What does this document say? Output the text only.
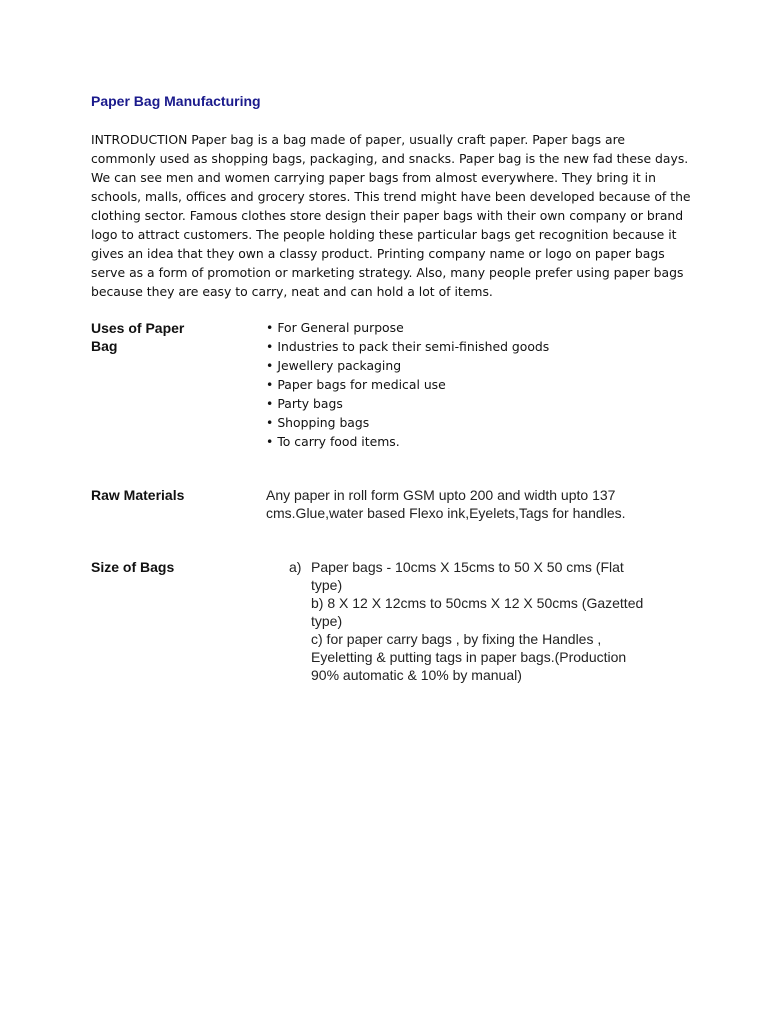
Paper Bag Manufacturing

INTRODUCTION Paper bag is a bag made of paper, usually craft paper. Paper bags are
commonly used as shopping bags, packaging, and snacks. Paper bag is the new fad these days.
We can see men and women carrying paper bags from almost everywhere. They bring it in
schools, malls, offices and grocery stores. This trend might have been developed because of the
clothing sector. Famous clothes store design their paper bags with their own company or brand
logo to attract customers. The people holding these particular bags get recognition because it
gives an idea that they own a classy product. Printing company name or logo on paper bags
serve as a form of promotion or marketing strategy. Also, many people prefer using paper bags
because they are easy to carry, neat and can hold a lot of items.

Uses of Paper
Bag
• For General purpose
• Industries to pack their semi-finished goods
• Jewellery packaging
• Paper bags for medical use
• Party bags
• Shopping bags
• To carry food items.
Raw Materials	Any paper in roll form GSM upto 200 and width upto 137
cms.Glue,water based Flexo ink,Eyelets,Tags for handles.
Size of Bags	a) Paper bags - 10cms X 15cms to 50 X 50 cms (Flat
type)
b) 8 X 12 X 12cms to 50cms X 12 X 50cms (Gazetted
type)
c) for paper carry bags , by fixing the Handles ,
Eyeletting & putting tags in paper bags.(Production
90% automatic & 10% by manual)
